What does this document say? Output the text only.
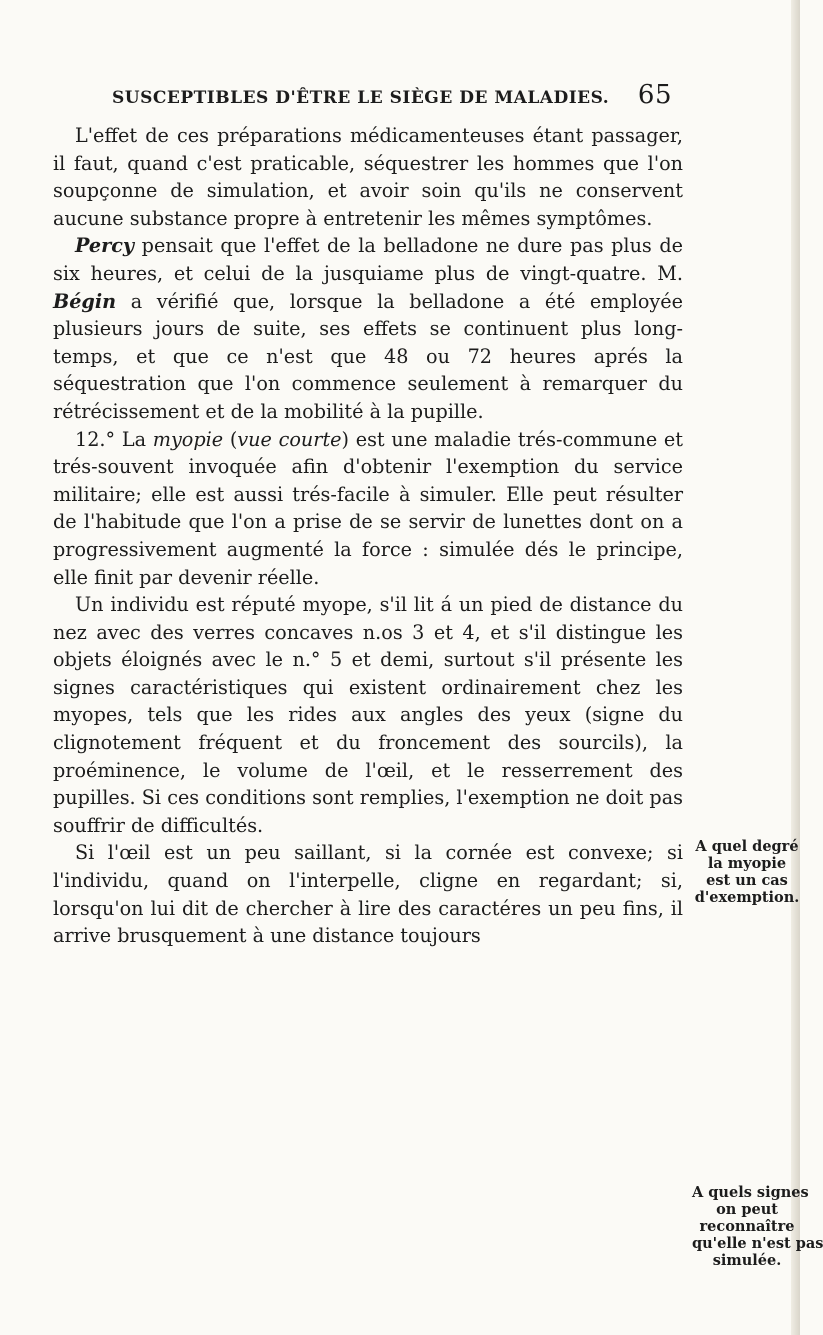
SUSCEPTIBLES D'ÊTRE LE SIÈGE DE MALADIES. 65

L'effet de ces préparations médicamenteuses étant passager, il faut, quand c'est praticable, séquestrer les hommes que l'on soupçonne de simulation, et avoir soin qu'ils ne conservent aucune substance propre à entretenir les mêmes symptômes.

Percy pensait que l'effet de la belladone ne dure pas plus de six heures, et celui de la jusquiame plus de vingt-quatre. M. Bégin a vérifié que, lorsque la belladone a été employée plusieurs jours de suite, ses effets se continuent plus long-temps, et que ce n'est que 48 ou 72 heures aprés la séquestration que l'on commence seulement à remarquer du rétrécissement et de la mobilité à la pupille.

12.° La myopie (vue courte) est une maladie trés-commune et trés-souvent invoquée afin d'obtenir l'exemption du service militaire; elle est aussi trés-facile à simuler. Elle peut résulter de l'habitude que l'on a prise de se servir de lunettes dont on a progressivement augmenté la force : simulée dés le principe, elle finit par devenir réelle.

Un individu est réputé myope, s'il lit á un pied de distance du nez avec des verres concaves n.os 3 et 4, et s'il distingue les objets éloignés avec le n.° 5 et demi, surtout s'il présente les signes caractéristiques qui existent ordinairement chez les myopes, tels que les rides aux angles des yeux (signe du clignotement fréquent et du froncement des sourcils), la proéminence, le volume de l'œil, et le resserrement des pupilles. Si ces conditions sont remplies, l'exemption ne doit pas souffrir de difficultés.

Si l'œil est un peu saillant, si la cornée est convexe; si l'individu, quand on l'interpelle, cligne en regardant; si, lorsqu'on lui dit de chercher à lire des caractéres un peu fins, il arrive brusquement à une distance toujours

A quel degré
la myopie
est un cas
d'exemption.
A quels signes
on peut
reconnaître
qu'elle n'est pas
simulée.
